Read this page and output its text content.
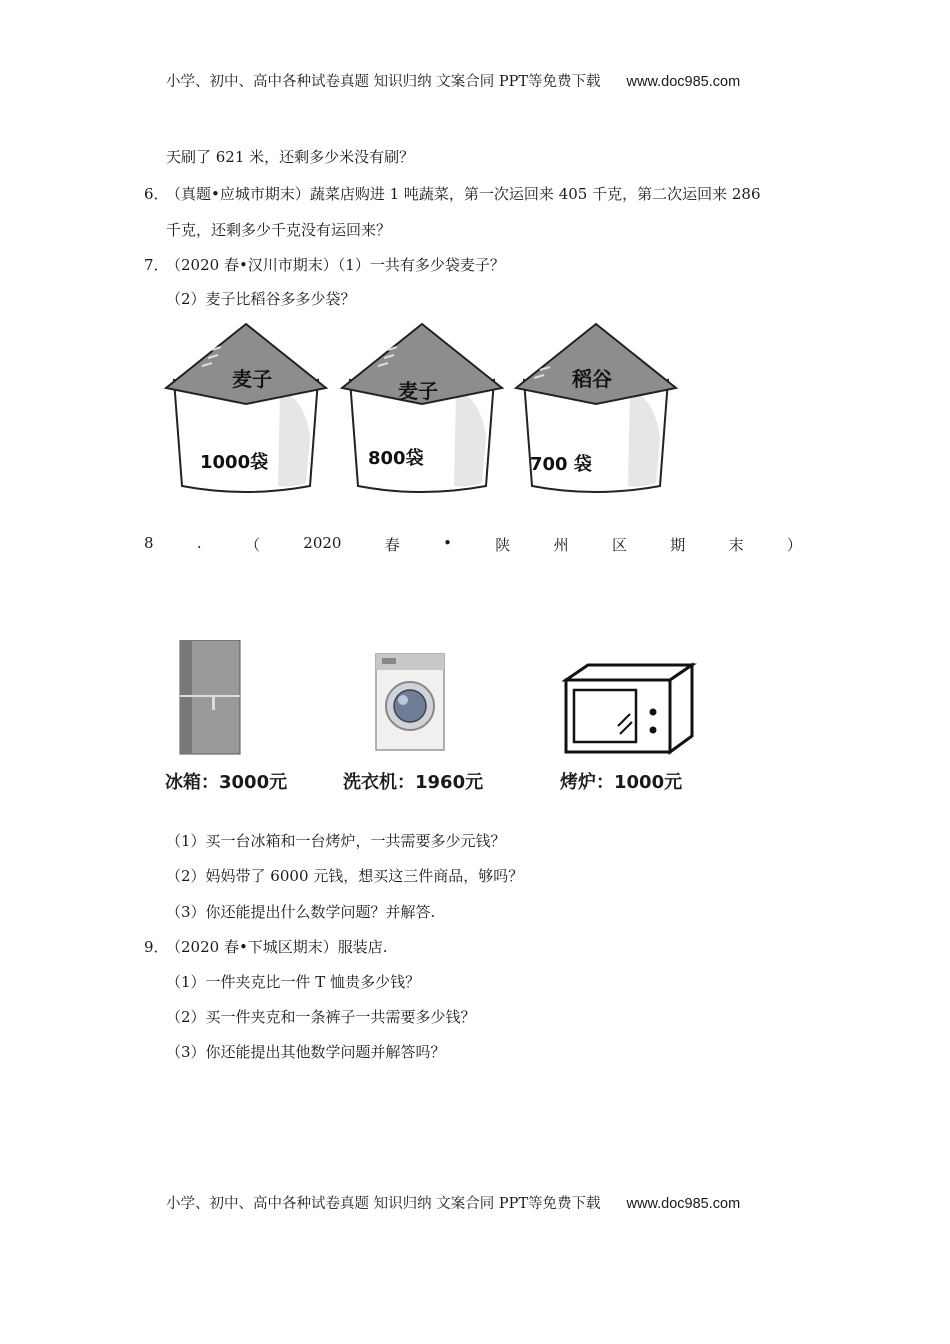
小学、初中、高中各种试卷真题 知识归纳 文案合同 PPT等免费下载 www.doc985.com
天刷了 621 米，还剩多少米没有刷？
6．
（真题•应城市期末）蔬菜店购进 1 吨蔬菜，第一次运回来 405 千克，第二次运回来 286
千克，还剩多少千克没有运回来？
7．
（2020 春•汉川市期末）（1）一共有多少袋麦子？
（2）麦子比稻谷多多少袋？
麦子
1000袋
麦子
800袋
稻谷
700 袋
8	.	（	2020	春	•	陕	州	区	期	末	）
冰箱：3000元	洗衣机：1960元	烤炉：1000元
（1）买一台冰箱和一台烤炉，一共需要多少元钱？
（2）妈妈带了 6000 元钱，想买这三件商品，够吗？
（3）你还能提出什么数学问题？并解答.
9．
（2020 春•下城区期末）服装店.
（1）一件夹克比一件 T 恤贵多少钱？
（2）买一件夹克和一条裤子一共需要多少钱？
（3）你还能提出其他数学问题并解答吗？
小学、初中、高中各种试卷真题 知识归纳 文案合同 PPT等免费下载 www.doc985.com
